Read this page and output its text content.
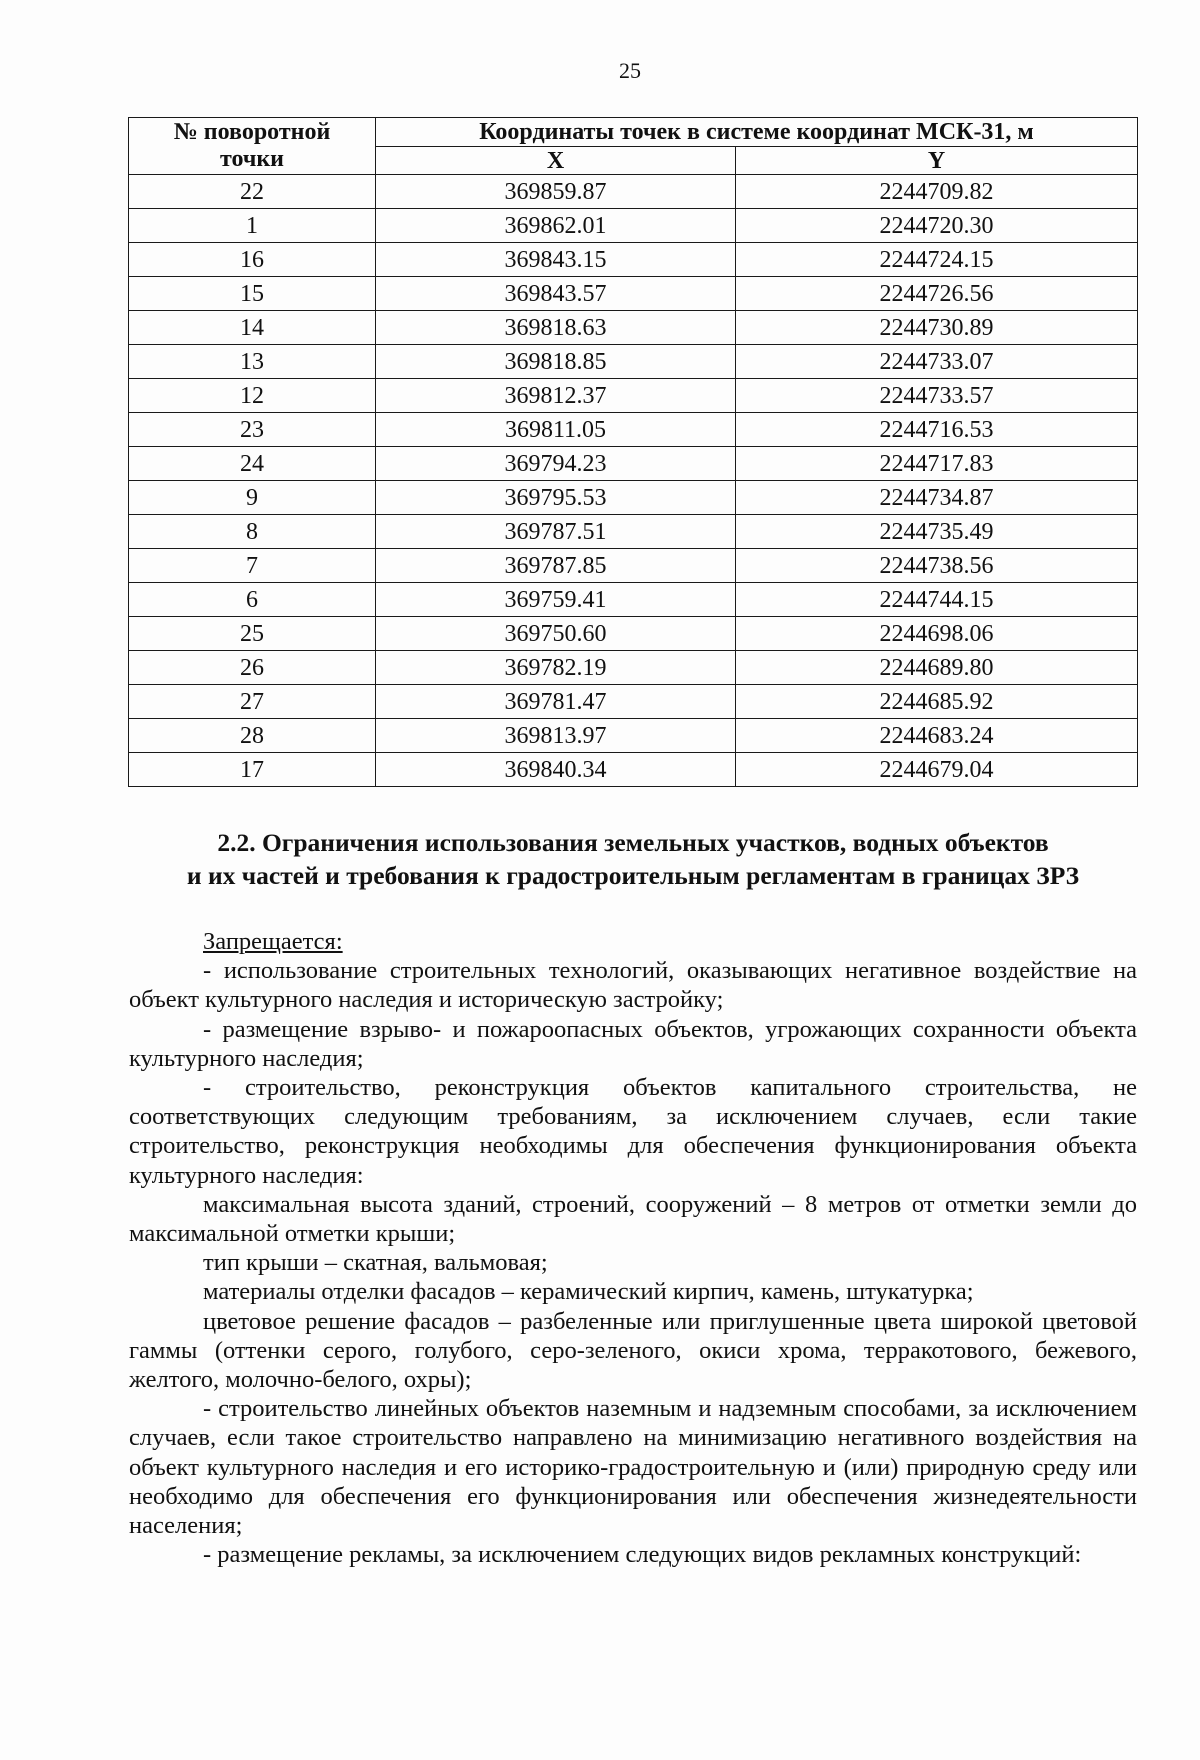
25
№ поворотной
точки	Координаты точек в системе координат МСК-31, м	
	X	Y
22	369859.87	2244709.82
1	369862.01	2244720.30
16	369843.15	2244724.15
15	369843.57	2244726.56
14	369818.63	2244730.89
13	369818.85	2244733.07
12	369812.37	2244733.57
23	369811.05	2244716.53
24	369794.23	2244717.83
9	369795.53	2244734.87
8	369787.51	2244735.49
7	369787.85	2244738.56
6	369759.41	2244744.15
25	369750.60	2244698.06
26	369782.19	2244689.80
27	369781.47	2244685.92
28	369813.97	2244683.24
17	369840.34	2244679.04
2.2. Ограничения использования земельных участков, водных объектов
и их частей и требования к градостроительным регламентам в границах ЗРЗ

Запрещается:

- использование строительных технологий, оказывающих негативное воздействие на объект культурного наследия и историческую застройку;

- размещение взрыво- и пожароопасных объектов, угрожающих сохранности объекта культурного наследия;

- строительство, реконструкция объектов капитального строительства, не соответствующих следующим требованиям, за исключением случаев, если такие строительство, реконструкция необходимы для обеспечения функционирования объекта культурного наследия:

максимальная высота зданий, строений, сооружений – 8 метров от отметки земли до максимальной отметки крыши;

тип крыши – скатная, вальмовая;

материалы отделки фасадов – керамический кирпич, камень, штукатурка;

цветовое решение фасадов – разбеленные или приглушенные цвета широкой цветовой гаммы (оттенки серого, голубого, серо-зеленого, окиси хрома, терракотового, бежевого, желтого, молочно-белого, охры);

- строительство линейных объектов наземным и надземным способами, за исключением случаев, если такое строительство направлено на минимизацию негативного воздействия на объект культурного наследия и его историко-градостроительную и (или) природную среду или необходимо для обеспечения его функционирования или обеспечения жизнедеятельности населения;

- размещение рекламы, за исключением следующих видов рекламных конструкций:
